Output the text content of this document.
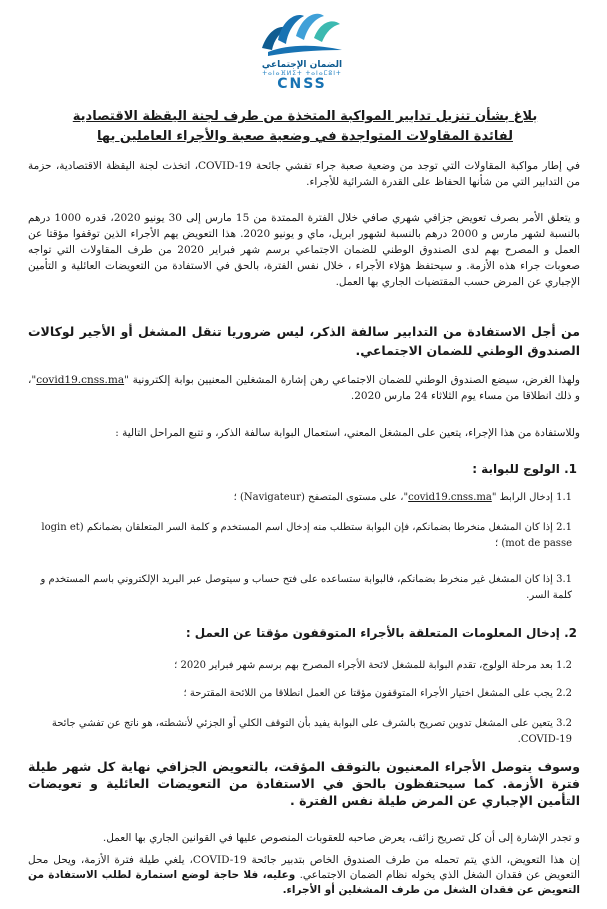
الضمان الإجتماعي
ⵜⴰⵏⴰⴼⵍⵉⵜ ⵜⴰⵏⴰⵎⵓⵏⵜ
CNSS
بلاغ بشأن تنزيل تدابير المواكبة المتخذة من طرف لجنة اليقظة الاقتصادية لفائدة المقاولات المتواجدة في وضعية صعبة والأجراء العاملين بها
في إطار مواكبة المقاولات التي توجد من وضعية صعبة جراء تفشي جائحة COVID-19، اتخذت لجنة اليقظة الاقتصادية، حزمة من التدابير التي من شأنها الحفاظ على القدرة الشرائية للأجراء.
و يتعلق الأمر بصرف تعويض جزافي شهري صافي خلال الفترة الممتدة من 15 مارس إلى 30 يونيو 2020، قدره 1000 درهم بالنسبة لشهر مارس و 2000 درهم بالنسبة لشهور ابريل، ماي و يونيو 2020. هذا التعويض يهم الأجراء الذين توقفوا مؤقتا عن العمل و المصرح بهم لدى الصندوق الوطني للضمان الاجتماعي برسم شهر فبراير 2020 من طرف المقاولات التي تواجه صعوبات جراء هذه الأزمة. و سيحتفظ هؤلاء الأجراء ، خلال نفس الفترة، بالحق في الاستفادة من التعويضات العائلية و التأمين الإجباري عن المرض حسب المقتضيات الجاري بها العمل.
من أجل الاستفادة من التدابير سالفة الذكر، ليس ضروريا تنقل المشغل أو الأجير لوكالات الصندوق الوطني للضمان الاجتماعي.
ولهذا الغرض، سيضع الصندوق الوطني للضمان الاجتماعي رهن إشارة المشغلين المعنيين بوابة إلكترونية "covid19.cnss.ma"، و ذلك انطلاقا من مساء يوم الثلاثاء 24 مارس 2020.
وللاستفادة من هذا الإجراء، يتعين على المشغل المعني، استعمال البوابة سالفة الذكر، و تتبع المراحل التالية :
1. الولوج للبوابة :
1.1 إدخال الرابط "covid19.cnss.ma"، على مستوى المتصفح (Navigateur) ؛
2.1 إذا كان المشغل منخرطا بضمانكم، فإن البوابة ستطلب منه إدخال اسم المستخدم و كلمة السر المتعلقان بضمانكم (login et mot de passe) ؛
3.1 إذا كان المشغل غير منخرط بضمانكم، فالبوابة ستساعده على فتح حساب و سيتوصل عبر البريد الإلكتروني باسم المستخدم و كلمة السر.
2. إدخال المعلومات المتعلقة بالأجراء المتوقفون مؤقتا عن العمل :
1.2 بعد مرحلة الولوج، تقدم البوابة للمشغل لائحة الأجراء المصرح بهم برسم شهر فبراير 2020 ؛
2.2 يجب على المشغل اختيار الأجراء المتوقفون مؤقتا عن العمل انطلاقا من اللائحة المقترحة ؛
3.2 يتعين على المشغل تدوين تصريح بالشرف على البوابة يفيد بأن التوقف الكلي أو الجزئي لأنشطته، هو ناتج عن تفشي جائحة COVID-19.
وسوف يتوصل الأجراء المعنيون بالتوقف المؤقت، بالتعويض الجزافي نهاية كل شهر طيلة فترة الأزمة. كما سيحتفظون بالحق في الاستفادة من التعويضات العائلية و تعويضات التأمين الإجباري عن المرض طيلة نفس الفترة .
و تجدر الإشارة إلى أن كل تصريح زائف، يعرض صاحبه للعقوبات المنصوص عليها في القوانين الجاري بها العمل.
إن هذا التعويض، الذي يتم تحمله من طرف الصندوق الخاص بتدبير جائحة COVID-19، يلغي طيلة فترة الأزمة، ويحل محل التعويض عن فقدان الشغل الذي يخوله نظام الضمان الاجتماعي. وعليه، فلا حاجة لوضع استمارة لطلب الاستفادة من التعويض عن فقدان الشغل من طرف المشغلين أو الأجراء.
